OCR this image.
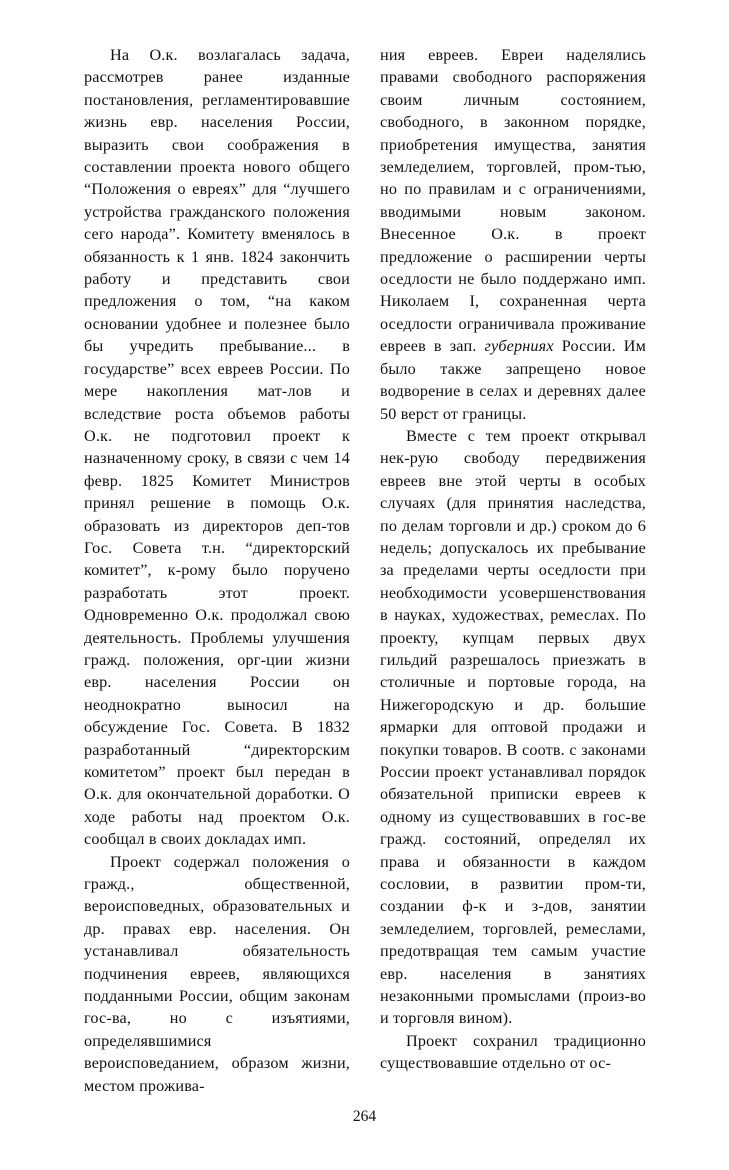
На О.к. возлагалась задача, рассмотрев ранее изданные постановления, регламентировавшие жизнь евр. населения России, выразить свои соображения в составлении проекта нового общего “Положения о евреях” для “лучшего устройства гражданского положения сего народа”. Комитету вменялось в обязанность к 1 янв. 1824 закончить работу и представить свои предложения о том, “на каком основании удобнее и полезнее было бы учредить пребывание... в государстве” всех евреев России. По мере накопления мат-лов и вследствие роста объемов работы О.к. не подготовил проект к назначенному сроку, в связи с чем 14 февр. 1825 Комитет Министров принял решение в помощь О.к. образовать из директоров деп-тов Гос. Совета т.н. “директорский комитет”, к-рому было поручено разработать этот проект. Одновременно О.к. продолжал свою деятельность. Проблемы улучшения гражд. положения, орг-ции жизни евр. населения России он неоднократно выносил на обсуждение Гос. Совета. В 1832 разработанный “директорским комитетом” проект был передан в О.к. для окончательной доработки. О ходе работы над проектом О.к. сообщал в своих докладах имп.

Проект содержал положения о гражд., общественной, вероисповедных, образовательных и др. правах евр. населения. Он устанавливал обязательность подчинения евреев, являющихся подданными России, общим законам гос-ва, но с изъятиями, определявшимися вероисповеданием, образом жизни, местом прожива-

ния евреев. Евреи наделялись правами свободного распоряжения своим личным состоянием, свободного, в законном порядке, приобретения имущества, занятия земледелием, торговлей, пром-тью, но по правилам и с ограничениями, вводимыми новым законом. Внесенное О.к. в проект предложение о расширении черты оседлости не было поддержано имп. Николаем I, сохраненная черта оседлости ограничивала проживание евреев в зап. губерниях России. Им было также запрещено новое водворение в селах и деревнях далее 50 верст от границы.

Вместе с тем проект открывал нек-рую свободу передвижения евреев вне этой черты в особых случаях (для принятия наследства, по делам торговли и др.) сроком до 6 недель; допускалось их пребывание за пределами черты оседлости при необходимости усовершенствования в науках, художествах, ремеслах. По проекту, купцам первых двух гильдий разрешалось приезжать в столичные и портовые города, на Нижегородскую и др. большие ярмарки для оптовой продажи и покупки товаров. В соотв. с законами России проект устанавливал порядок обязательной приписки евреев к одному из существовавших в гос-ве гражд. состояний, определял их права и обязанности в каждом сословии, в развитии пром-ти, создании ф-к и з-дов, занятии земледелием, торговлей, ремеслами, предотвращая тем самым участие евр. населения в занятиях незаконными промыслами (произ-во и торговля вином).

Проект сохранил традиционно существовавшие отдельно от ос-

264
